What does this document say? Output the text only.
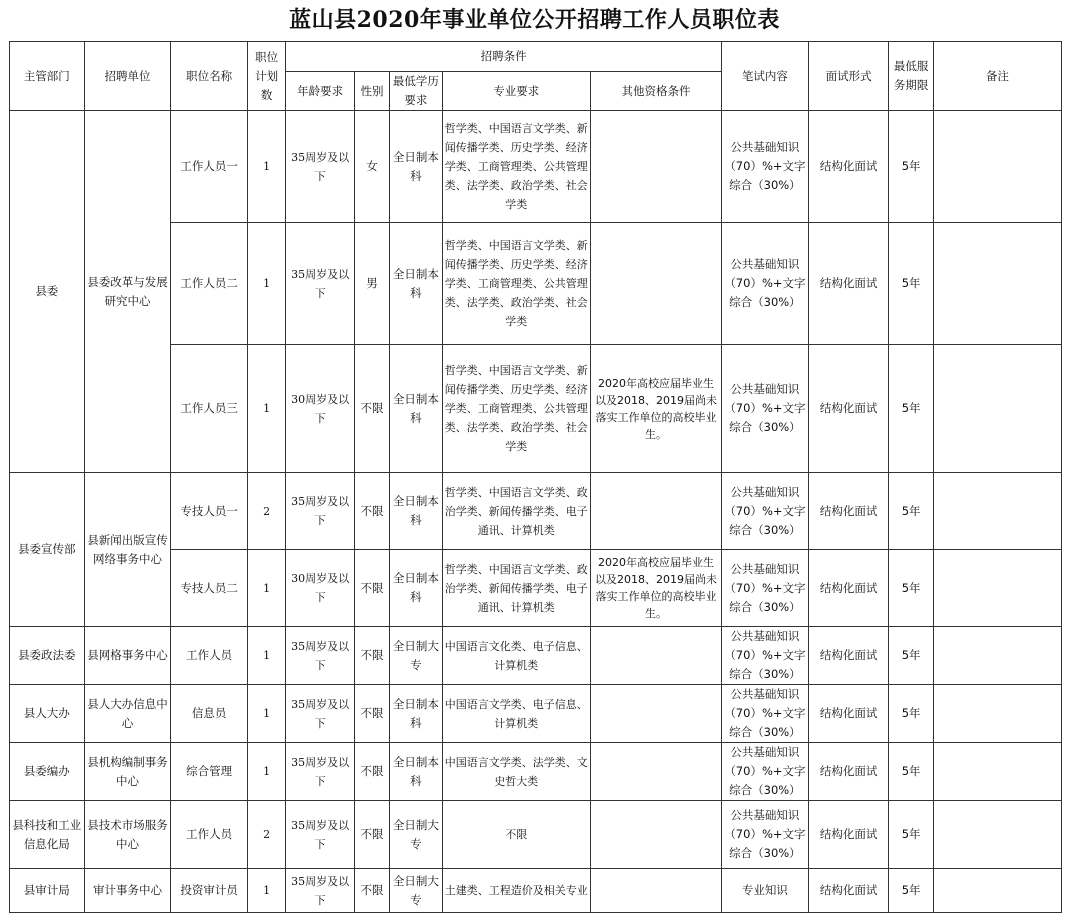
蓝山县2020年事业单位公开招聘工作人员职位表
主管部门	招聘单位	职位名称	职位计划数	招聘条件					笔试内容	面试形式	最低服务期限	备注
				年龄要求	性别	最低学历要求	专业要求	其他资格条件				
县委	县委改革与发展研究中心	工作人员一	1	35周岁及以下	女	全日制本科	哲学类、中国语言文学类、新闻传播学类、历史学类、经济学类、工商管理类、公共管理类、法学类、政治学类、社会学类		公共基础知识（70）%+文字综合（30%）	结构化面试	5年	
		工作人员二	1	35周岁及以下	男	全日制本科	哲学类、中国语言文学类、新闻传播学类、历史学类、经济学类、工商管理类、公共管理类、法学类、政治学类、社会学类		公共基础知识（70）%+文字综合（30%）	结构化面试	5年	
		工作人员三	1	30周岁及以下	不限	全日制本科	哲学类、中国语言文学类、新闻传播学类、历史学类、经济学类、工商管理类、公共管理类、法学类、政治学类、社会学类	2020年高校应届毕业生以及2018、2019届尚未落实工作单位的高校毕业生。	公共基础知识（70）%+文字综合（30%）	结构化面试	5年	
县委宣传部	县新闻出版宣传网络事务中心	专技人员一	2	35周岁及以下	不限	全日制本科	哲学类、中国语言文学类、政治学类、新闻传播学类、电子通讯、计算机类		公共基础知识（70）%+文字综合（30%）	结构化面试	5年	
		专技人员二	1	30周岁及以下	不限	全日制本科	哲学类、中国语言文学类、政治学类、新闻传播学类、电子通讯、计算机类	2020年高校应届毕业生以及2018、2019届尚未落实工作单位的高校毕业生。	公共基础知识（70）%+文字综合（30%）	结构化面试	5年	
县委政法委	县网格事务中心	工作人员	1	35周岁及以下	不限	全日制大专	中国语言文化类、电子信息、计算机类		公共基础知识（70）%+文字综合（30%）	结构化面试	5年	
县人大办	县人大办信息中心	信息员	1	35周岁及以下	不限	全日制本科	中国语言文学类、电子信息、计算机类		公共基础知识（70）%+文字综合（30%）	结构化面试	5年	
县委编办	县机构编制事务中心	综合管理	1	35周岁及以下	不限	全日制本科	中国语言文学类、法学类、文史哲大类		公共基础知识（70）%+文字综合（30%）	结构化面试	5年	
县科技和工业信息化局	县技术市场服务中心	工作人员	2	35周岁及以下	不限	全日制大专	不限		公共基础知识（70）%+文字综合（30%）	结构化面试	5年	
县审计局	审计事务中心	投资审计员	1	35周岁及以下	不限	全日制大专	土建类、工程造价及相关专业		专业知识	结构化面试	5年	
